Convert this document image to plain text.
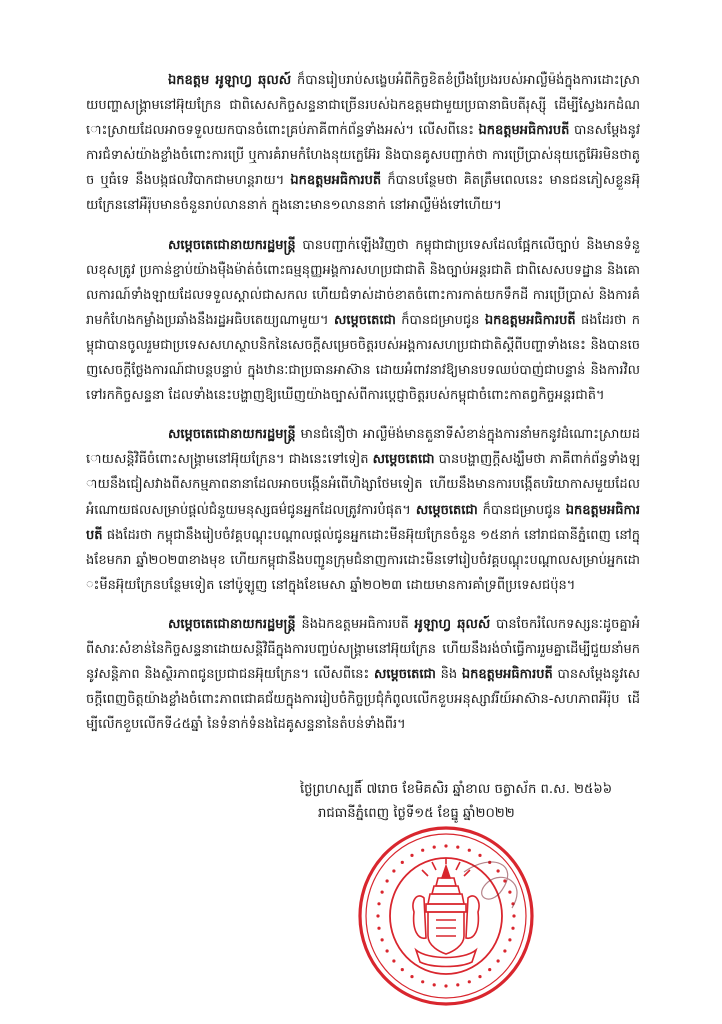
ឯកឧត្តម អូឡាហ្វ ឆុលស៍ ក៏បានរៀបរាប់សង្ខេបអំពីកិច្ចខិតខំប្រឹងប្រែងរបស់អាល្លឺម៉ង់ក្នុងការដោះស្រាយបញ្ហាសង្គ្រាមនៅអ៊ុយក្រែន ជាពិសេសកិច្ចសន្ទនាជាច្រើនរបស់ឯកឧត្តមជាមួយប្រធានាធិបតីរុស្ស៊ី ដើម្បីស្វែងរកដំណោះស្រាយដែលអាចទទួលយកបានចំពោះគ្រប់ភាគីពាក់ព័ន្ធទាំងអស់។ លើសពីនេះ ឯកឧត្តមអធិការបតី បានសម្តែងនូវការជំទាស់យ៉ាងខ្លាំងចំពោះការប្រើ ឬការគំរាមកំហែងនុយក្លេអ៊ែរ និងបានគូសបញ្ជាក់ថា ការប្រើប្រាស់នុយក្លេអ៊ែរមិនថាតូច ឬធំទេ នឹងបង្កផលវិបាកជាមហន្តរាយ។ ឯកឧត្តមអធិការបតី ក៏បានបន្ថែមថា គិតត្រឹមពេលនេះ មានជនភៀសខ្លួនអ៊ុយក្រែននៅអឺរ៉ុបមានចំនួនរាប់លាននាក់ ក្នុងនោះមាន១លាននាក់ នៅអាល្លឺម៉ង់ទៅហើយ។

សម្តេចតេជោនាយករដ្ឋមន្ត្រី បានបញ្ជាក់ឡើងវិញថា កម្ពុជាជាប្រទេសដែលផ្អែកលើច្បាប់ និងមានទំនួលខុសត្រូវ ប្រកាន់ខ្ជាប់យ៉ាងម៉ឺងម៉ាត់ចំពោះធម្មនុញ្ញអង្គការសហប្រជាជាតិ និងច្បាប់អន្តរជាតិ ជាពិសេសបទដ្ឋាន និងគោលការណ៍ទាំងឡាយដែលទទួលស្គាល់ជាសកល ហើយជំទាស់ដាច់ខាតចំពោះការកាត់យកទឹកដី ការប្រើប្រាស់ និងការគំរាមកំហែងកម្លាំងប្រឆាំងនឹងរដ្ឋអធិបតេយ្យណាមួយ។ សម្តេចតេជោ ក៏បានជម្រាបជូន ឯកឧត្តមអធិការបតី ផងដែរថា កម្ពុជាបានចូលរួមជាប្រទេសសហស្ថាបនិកនៃសេចក្តីសម្រេចចិត្តរបស់អង្គការសហប្រជាជាតិស្តីពីបញ្ហាទាំងនេះ និងបានចេញសេចក្តីថ្លែងការណ៍ជាបន្តបន្ទាប់ ក្នុងឋានៈជាប្រធានអាស៊ាន ដោយអំពាវនាវឱ្យមានបទឈប់បាញ់ជាបន្ទាន់ និងការវិលទៅរកកិច្ចសន្ទនា ដែលទាំងនេះបង្ហាញឱ្យឃើញយ៉ាងច្បាស់ពីការប្តេជ្ញាចិត្តរបស់កម្ពុជាចំពោះកាតព្វកិច្ចអន្តរជាតិ។

សម្តេចតេជោនាយករដ្ឋមន្ត្រី មានជំនឿថា អាល្លឺម៉ង់មានតួនាទីសំខាន់ក្នុងការនាំមកនូវដំណោះស្រាយដោយសន្តិវិធីចំពោះសង្គ្រាមនៅអ៊ុយក្រែន។ ជាងនេះទៅទៀត សម្តេចតេជោ បានបង្ហាញក្តីសង្ឃឹមថា ភាគីពាក់ព័ន្ធទាំងឡាយនឹងជៀសវាងពីសកម្មភាពនានាដែលអាចបង្កើនអំពើហិង្សាថែមទៀត ហើយនឹងមានការបង្កើតបរិយាកាសមួយដែលអំណោយផលសម្រាប់ផ្តល់ជំនួយមនុស្សធម៌ជូនអ្នកដែលត្រូវការបំផុត។ សម្តេចតេជោ ក៏បានជម្រាបជូន ឯកឧត្តមអធិការបតី ផងដែរថា កម្ពុជានឹងរៀបចំវគ្គបណ្តុះបណ្តាលផ្តល់ជូនអ្នកដោះមីនអ៊ុយក្រែនចំនួន ១៥នាក់ នៅរាជធានីភ្នំពេញ នៅក្នុងខែមករា ឆ្នាំ២០២៣ខាងមុខ ហើយកម្ពុជានឹងបញ្ជូនក្រុមជំនាញការដោះមីនទៅរៀបចំវគ្គបណ្តុះបណ្តាលសម្រាប់អ្នកដោះមីនអ៊ុយក្រែនបន្ថែមទៀត នៅប៉ូឡូញ នៅក្នុងខែមេសា ឆ្នាំ២០២៣ ដោយមានការគាំទ្រពីប្រទេសជប៉ុន។

សម្តេចតេជោនាយករដ្ឋមន្ត្រី និងឯកឧត្តមអធិការបតី អូឡាហ្វ ឆុលស៍ បានចែករំលែកទស្សនៈដូចគ្នាអំពីសារៈសំខាន់នៃកិច្ចសន្ទនាដោយសន្តិវិធីក្នុងការបញ្ចប់សង្គ្រាមនៅអ៊ុយក្រែន ហើយនឹងរង់ចាំធ្វើការរួមគ្នាដើម្បីជួយនាំមកនូវសន្តិភាព និងស្ថិរភាពជូនប្រជាជនអ៊ុយក្រែន។ លើសពីនេះ សម្តេចតេជោ និង ឯកឧត្តមអធិការបតី បានសម្តែងនូវសេចក្តីពេញចិត្តយ៉ាងខ្លាំងចំពោះភាពជោគជ័យក្នុងការរៀបចំកិច្ចប្រជុំកំពូលលើកខួបអនុស្សាវរីយ៍អាស៊ាន-សហភាពអឺរ៉ុប ដើម្បីលើកខួបលើកទី៤៥ឆ្នាំ នៃទំនាក់ទំនងដៃគូសន្ទនានៃតំបន់ទាំងពីរ។

ថ្ងៃព្រហស្បតិ៍ ៧រោច ខែមិគសិរ ឆ្នាំខាល ចត្វាស័ក ព.ស. ២៥៦៦
រាជធានីភ្នំពេញ ថ្ងៃទី១៥ ខែធ្នូ ឆ្នាំ២០២២
